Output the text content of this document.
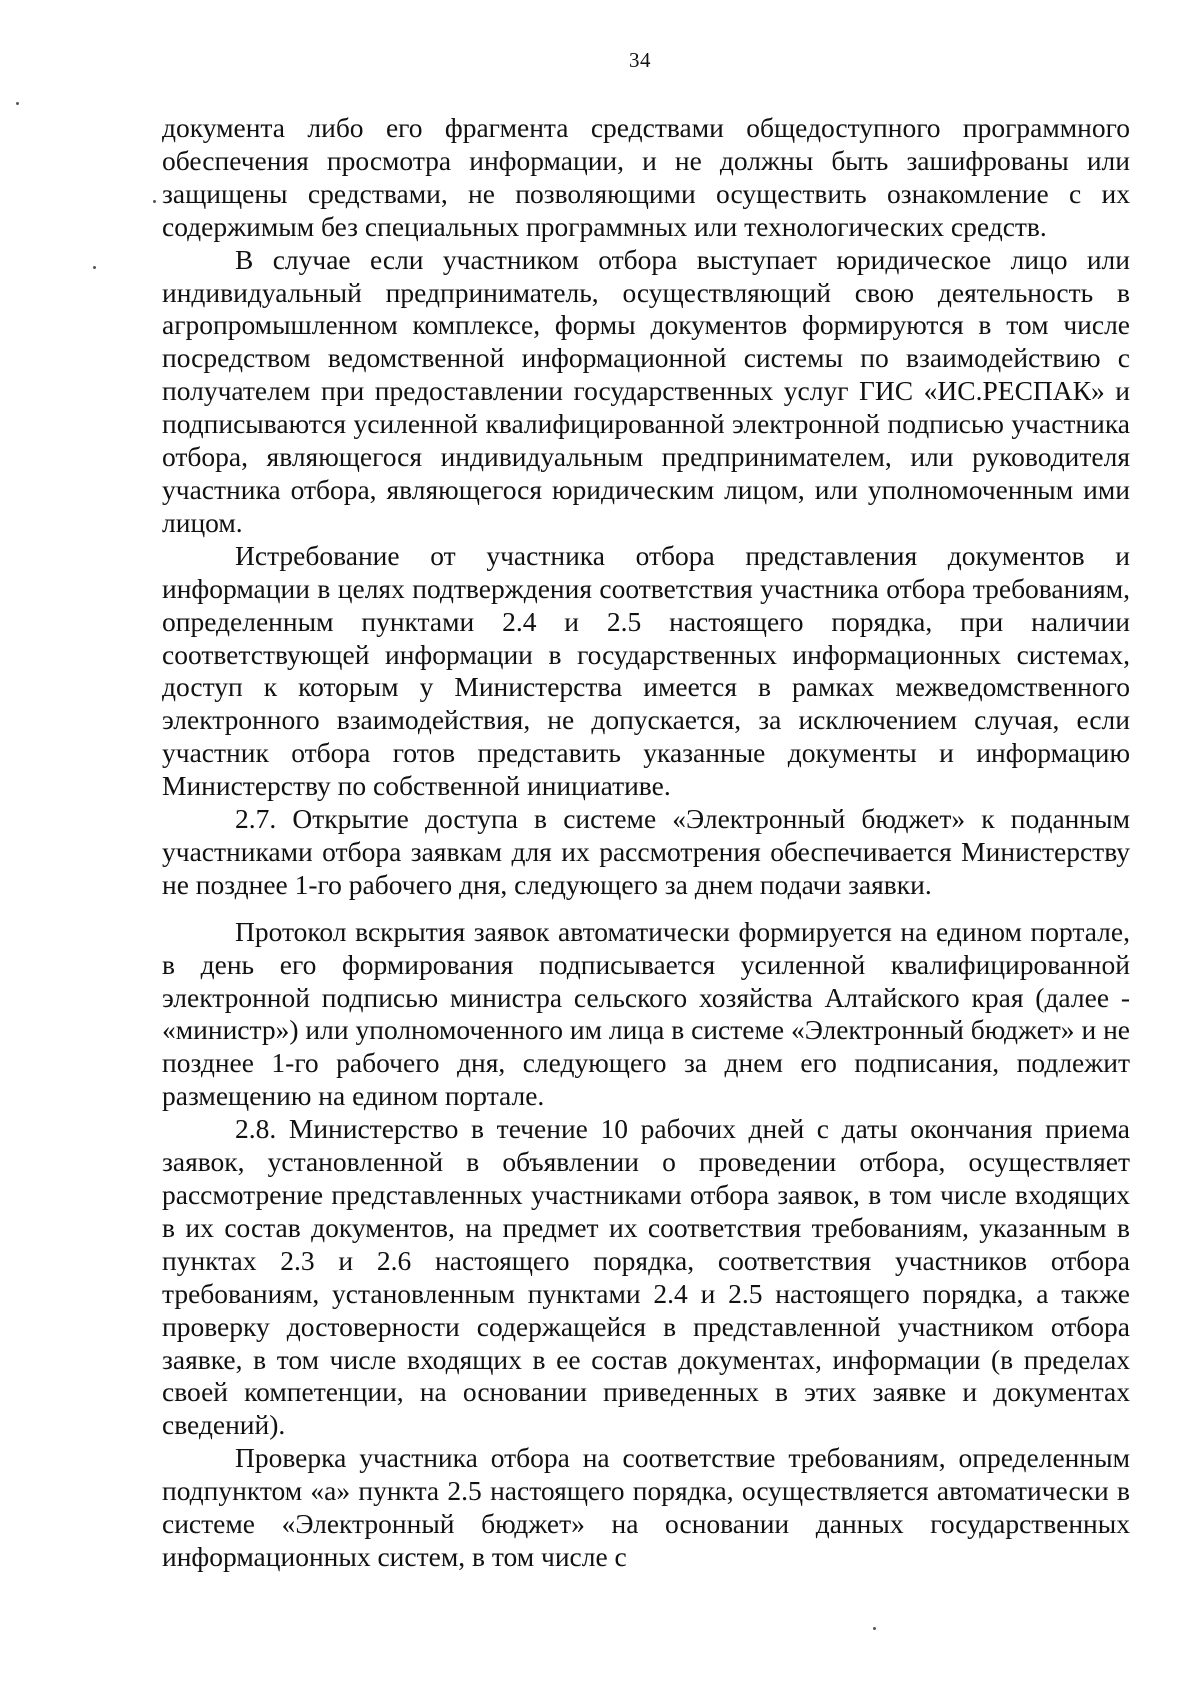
34

документа либо его фрагмента средствами общедоступного программного обеспечения просмотра информации, и не должны быть зашифрованы или защищены средствами, не позволяющими осуществить ознакомление с их содержимым без специальных программных или технологических средств.

В случае если участником отбора выступает юридическое лицо или индивидуальный предприниматель, осуществляющий свою деятельность в агропромышленном комплексе, формы документов формируются в том числе посредством ведомственной информационной системы по взаимодействию с получателем при предоставлении государственных услуг ГИС «ИС.РЕСПАК» и подписываются усиленной квалифицированной электронной подписью участника отбора, являющегося индивидуальным предпринимателем, или руководителя участника отбора, являющегося юридическим лицом, или уполномоченным ими лицом.

Истребование от участника отбора представления документов и информации в целях подтверждения соответствия участника отбора требованиям, определенным пунктами 2.4 и 2.5 настоящего порядка, при наличии соответствующей информации в государственных информационных системах, доступ к которым у Министерства имеется в рамках межведомственного электронного взаимодействия, не допускается, за исключением случая, если участник отбора готов представить указанные документы и информацию Министерству по собственной инициативе.

2.7. Открытие доступа в системе «Электронный бюджет» к поданным участниками отбора заявкам для их рассмотрения обеспечивается Министерству не позднее 1-го рабочего дня, следующего за днем подачи заявки.

Протокол вскрытия заявок автоматически формируется на едином портале, в день его формирования подписывается усиленной квалифицированной электронной подписью министра сельского хозяйства Алтайского края (далее - «министр») или уполномоченного им лица в системе «Электронный бюджет» и не позднее 1-го рабочего дня, следующего за днем его подписания, подлежит размещению на едином портале.

2.8. Министерство в течение 10 рабочих дней с даты окончания приема заявок, установленной в объявлении о проведении отбора, осуществляет рассмотрение представленных участниками отбора заявок, в том числе входящих в их состав документов, на предмет их соответствия требованиям, указанным в пунктах 2.3 и 2.6 настоящего порядка, соответствия участников отбора требованиям, установленным пунктами 2.4 и 2.5 настоящего порядка, а также проверку достоверности содержащейся в представленной участником отбора заявке, в том числе входящих в ее состав документах, информации (в пределах своей компетенции, на основании приведенных в этих заявке и документах сведений).

Проверка участника отбора на соответствие требованиям, определенным подпунктом «а» пункта 2.5 настоящего порядка, осуществляется автоматически в системе «Электронный бюджет» на основании данных государственных информационных систем, в том числе с
